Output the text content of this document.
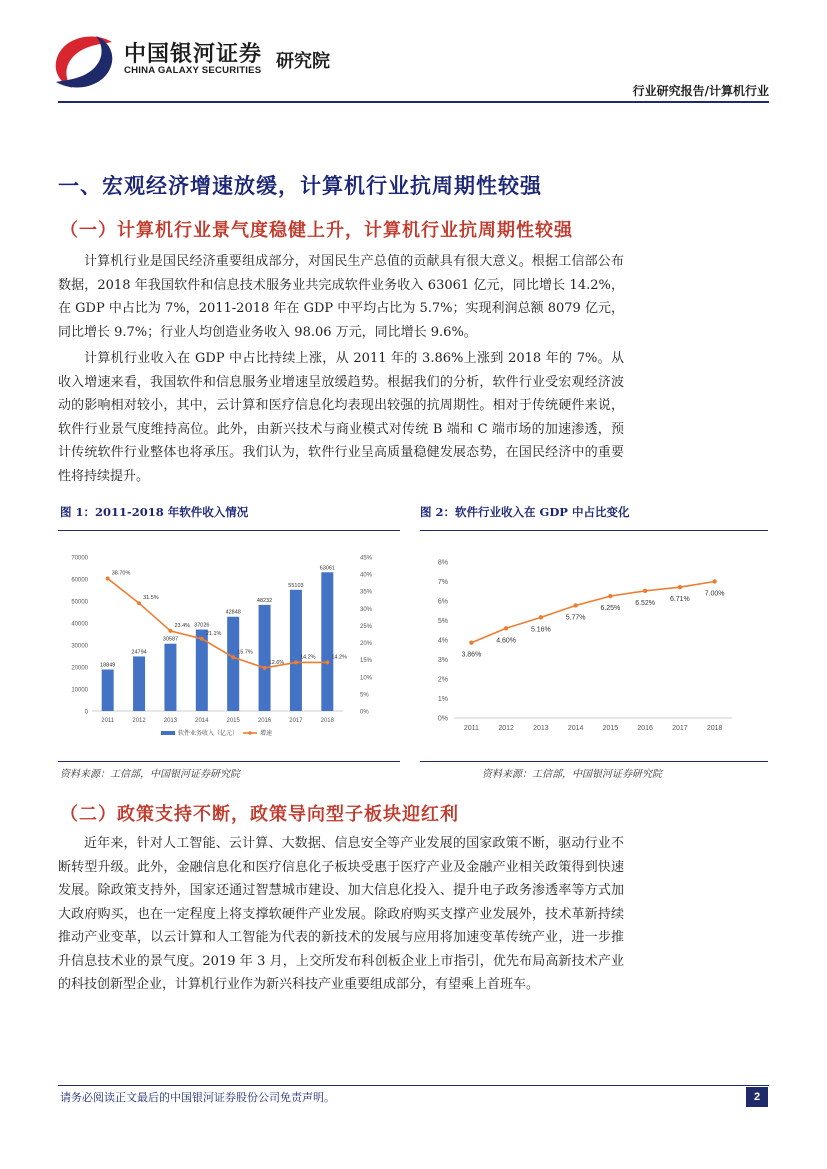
中国银河证券
CHINA GALAXY SECURITIES 研究院
行业研究报告/计算机行业
一、宏观经济增速放缓，计算机行业抗周期性较强
（一）计算机行业景气度稳健上升，计算机行业抗周期性较强

计算机行业是国民经济重要组成部分，对国民生产总值的贡献具有很大意义。根据工信部公布数据，2018 年我国软件和信息技术服务业共完成软件业务收入 63061 亿元，同比增长 14.2%，在 GDP 中占比为 7%，2011-2018 年在 GDP 中平均占比为 5.7%；实现利润总额 8079 亿元，同比增长 9.7%；行业人均创造业务收入 98.06 万元，同比增长 9.6%。

计算机行业收入在 GDP 中占比持续上涨，从 2011 年的 3.86%上涨到 2018 年的 7%。从收入增速来看，我国软件和信息服务业增速呈放缓趋势。根据我们的分析，软件行业受宏观经济波动的影响相对较小，其中，云计算和医疗信息化均表现出较强的抗周期性。相对于传统硬件来说，软件行业景气度维持高位。此外，由新兴技术与商业模式对传统 B 端和 C 端市场的加速渗透，预计传统软件行业整体也将承压。我们认为，软件行业呈高质量稳健发展态势，在国民经济中的重要性将持续提升。

图 1：2011-2018 年软件收入情况	图 2：软件行业收入在 GDP 中占比变化
0
10000
20000
30000
40000
50000
60000
70000
0%
5%
10%
15%
20%
25%
30%
35%
40%
45%
18849
2011
24794
2012
30587
2013
37026
2014
42848
2015
48232
2016
55103
2017
63061
2018
38.70%
31.5%
23.4%
21.1%
15.7%
12.6%
14.2%	14.2%
软件业务收入（亿元）	增速
0%
1%
2%
3%
4%
5%
6%
7%
8%
2011	2012	2013	2014	2015	2016	2017	2018
3.86%
4.60%
5.16%
5.77%
6.25%
6.52%
6.71%
7.00%
资料来源：工信部，中国银河证券研究院	资料来源：工信部，中国银河证券研究院
（二）政策支持不断，政策导向型子板块迎红利

近年来，针对人工智能、云计算、大数据、信息安全等产业发展的国家政策不断，驱动行业不断转型升级。此外，金融信息化和医疗信息化子板块受惠于医疗产业及金融产业相关政策得到快速发展。除政策支持外，国家还通过智慧城市建设、加大信息化投入、提升电子政务渗透率等方式加大政府购买，也在一定程度上将支撑软硬件产业发展。除政府购买支撑产业发展外，技术革新持续推动产业变革，以云计算和人工智能为代表的新技术的发展与应用将加速变革传统产业，进一步推升信息技术业的景气度。2019 年 3 月，上交所发布科创板企业上市指引，优先布局高新技术产业的科技创新型企业，计算机行业作为新兴科技产业重要组成部分，有望乘上首班车。

请务必阅读正文最后的中国银河证券股份公司免责声明。	2
